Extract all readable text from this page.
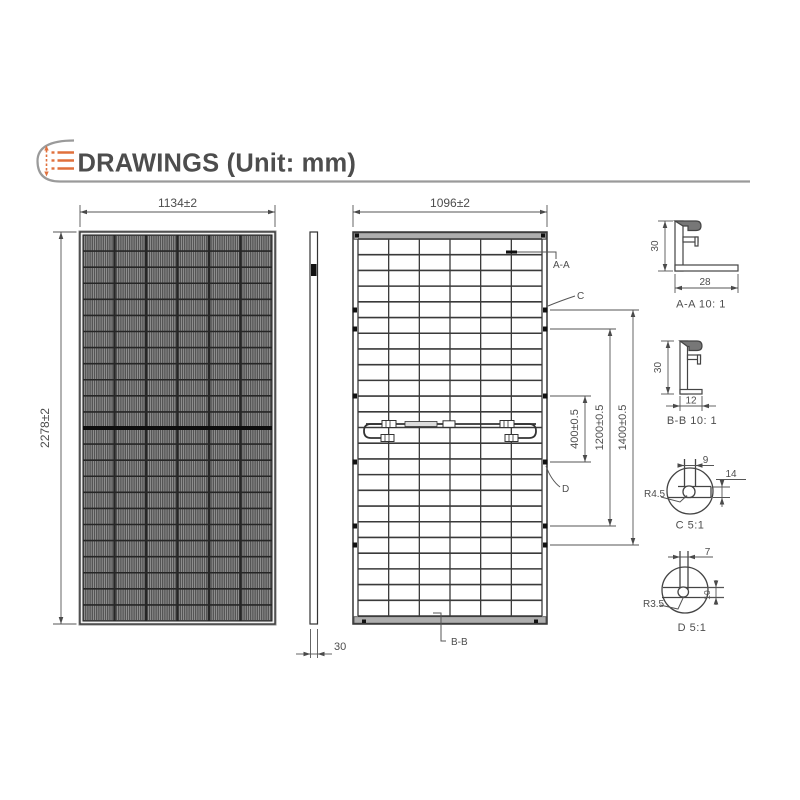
DRAWINGS (Unit: mm)
1134±2
2278±2
30
1096±2
400±0.5 1200±0.5 1400±0.5
A-A
C
D
B-B
30
28
A-A 10: 1
30
12
B-B 10: 1
9
14
R4.5
C 5:1
7
10
R3.5
D 5:1
